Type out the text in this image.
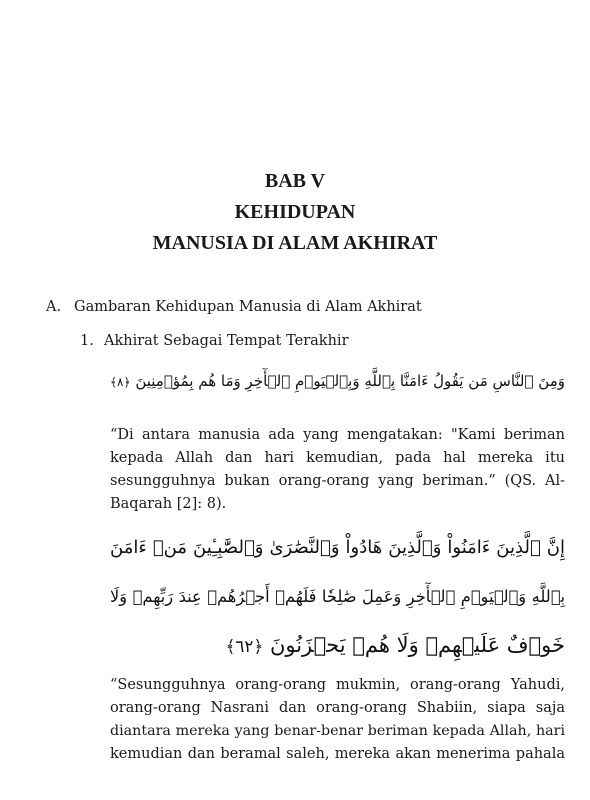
BAB V
KEHIDUPAN
MANUSIA DI ALAM AKHIRAT
A. Gambaran Kehidupan Manusia di Alam Akhirat
1. Akhirat Sebagai Tempat Terakhir
وَمِنَ ٱلنَّاسِ مَن يَقُولُ ءَامَنَّا بِٱللَّهِ وَبِٱلۡيَوۡمِ ٱلۡأٓخِرِ وَمَا هُم بِمُؤۡمِنِينَ ﴿٨﴾
“Di antara manusia ada yang mengatakan: "Kami beriman
kepada Allah dan hari kemudian, pada hal mereka itu
sesungguhnya bukan orang-orang yang beriman.” (QS. Al-
Baqarah [2]: 8).
إِنَّ ٱلَّذِينَ ءَامَنُواْ وَٱلَّذِينَ هَادُواْ وَٱلنَّصَٰرَىٰ وَٱلصَّٰبِـِٔينَ مَنۡ ءَامَنَ
بِٱللَّهِ وَٱلۡيَوۡمِ ٱلۡأٓخِرِ وَعَمِلَ صَٰلِحٗا فَلَهُمۡ أَجۡرُهُمۡ عِندَ رَبِّهِمۡ وَلَا
خَوۡفٌ عَلَيۡهِمۡ وَلَا هُمۡ يَحۡزَنُونَ ﴿٦٢﴾
“Sesungguhnya orang-orang mukmin, orang-orang Yahudi,
orang-orang Nasrani dan orang-orang Shabiin, siapa saja
diantara mereka yang benar-benar beriman kepada Allah, hari
kemudian dan beramal saleh, mereka akan menerima pahala
